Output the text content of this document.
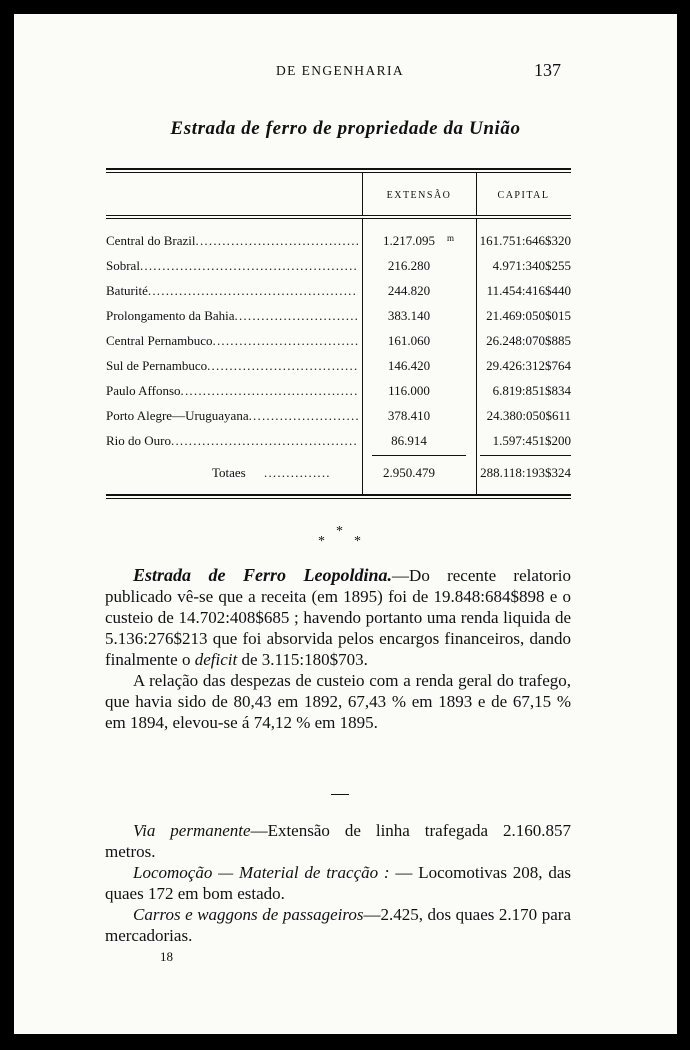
DE ENGENHARIA	137
Estrada de ferro de propriedade da União
EXTENSÃO	CAPITAL
Central do Brazil .....	1.217.095	m	161.751:646$320
Sobral .....	216.280	4.971:340$255
Baturité .....	244.820	11.454:416$440
Prolongamento da Bahia .....	383.140	21.469:050$015
Central Pernambuco .....	161.060	26.248:070$885
Sul de Pernambuco .....	146.420	29.426:312$764
Paulo Affonso .....	116.000	6.819:851$834
Porto Alegre—Uruguayana .....	378.410	24.380:050$611
Rio do Ouro .....	86.914	1.597:451$200
Totaes ...............	2.950.479	288.118:193$324
*
* *

Estrada de Ferro Leopoldina.—Do recente relatorio publicado vê-se que a receita (em 1895) foi de 19.848:684$898 e o custeio de 14.702:408$685 ; havendo portanto uma renda liquida de 5.136:276$213 que foi absorvida pelos encargos financeiros, dando finalmente o deficit de 3.115:180$703.

A relação das despezas de custeio com a renda geral do trafego, que havia sido de 80,43 em 1892, 67,43 % em 1893 e de 67,15 % em 1894, elevou-se á 74,12 % em 1895.

Via permanente—Extensão de linha trafegada 2.160.857 metros.

Locomoção — Material de tracção : — Locomotivas 208, das quaes 172 em bom estado.

Carros e waggons de passageiros—2.425, dos quaes 2.170 para mercadorias.

18
